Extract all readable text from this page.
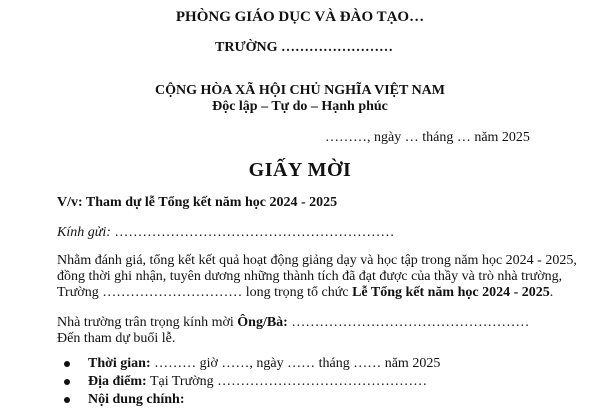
PHÒNG GIÁO DỤC VÀ ĐÀO TẠO…
TRƯỜNG ……………………
CỘNG HÒA XÃ HỘI CHỦ NGHĨA VIỆT NAM
Độc lập – Tự do – Hạnh phúc
………, ngày … tháng … năm 2025
GIẤY MỜI
V/v: Tham dự lễ Tổng kết năm học 2024 - 2025
Kính gửi: ……………………………………………………
Nhằm đánh giá, tổng kết kết quả hoạt động giảng dạy và học tập trong năm học 2024 - 2025,
đồng thời ghi nhận, tuyên dương những thành tích đã đạt được của thầy và trò nhà trường,
Trường ………………………… long trọng tổ chức Lễ Tổng kết năm học 2024 - 2025.
Nhà trường trân trọng kính mời Ông/Bà: ……………………………………………
Đến tham dự buổi lễ.
Thời gian: ……… giờ ……, ngày …… tháng …… năm 2025
Địa điểm: Tại Trường ………………………………………
Nội dung chính:
